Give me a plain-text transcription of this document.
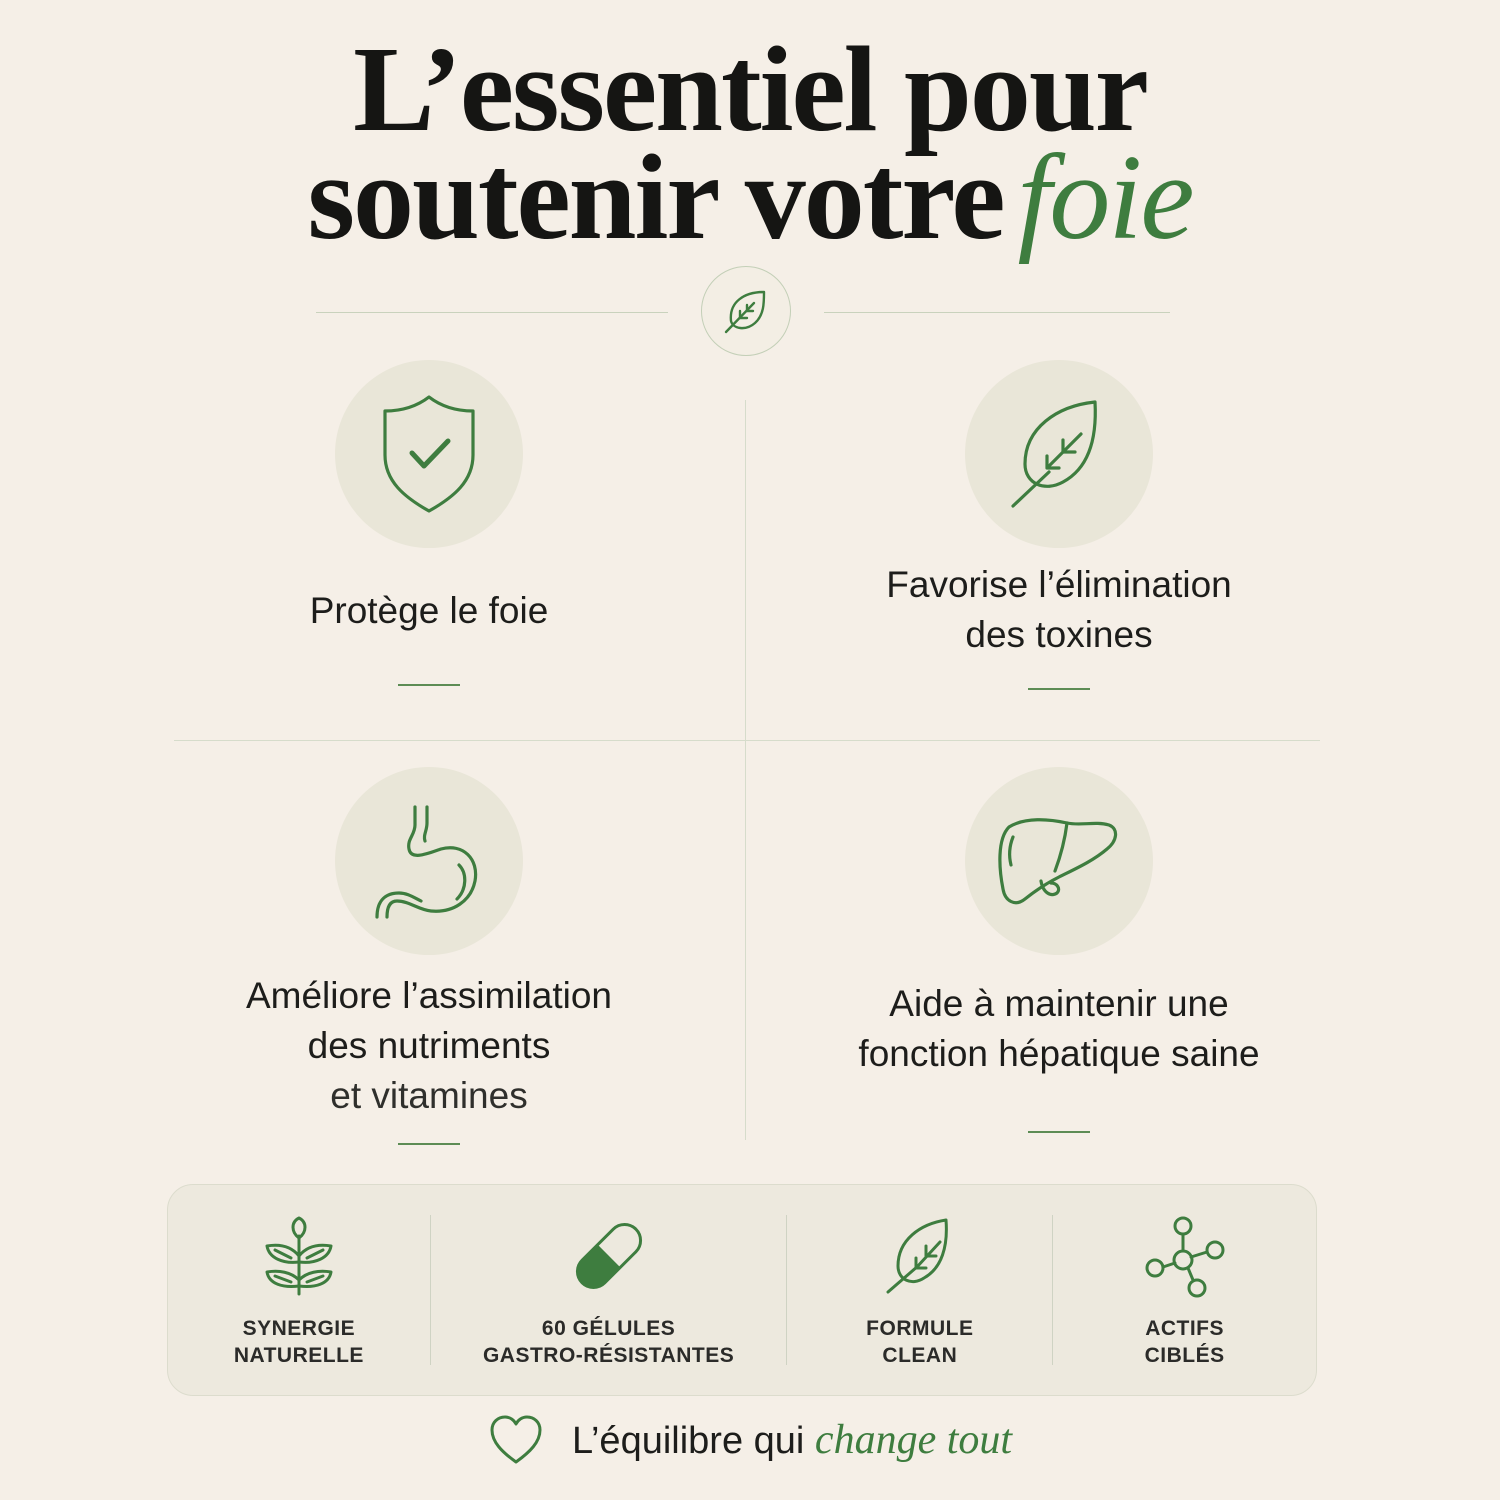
L’essentiel pour
soutenir votre foie
Protège le foie
Favorise l’élimination
des toxines
Améliore l’assimilation
des nutriments
et vitamines
Aide à maintenir une
fonction hépatique saine
SYNERGIE
NATURELLE
60 GÉLULES
GASTRO-RÉSISTANTES
FORMULE
CLEAN
ACTIFS
CIBLÉS
L’équilibre qui change tout
